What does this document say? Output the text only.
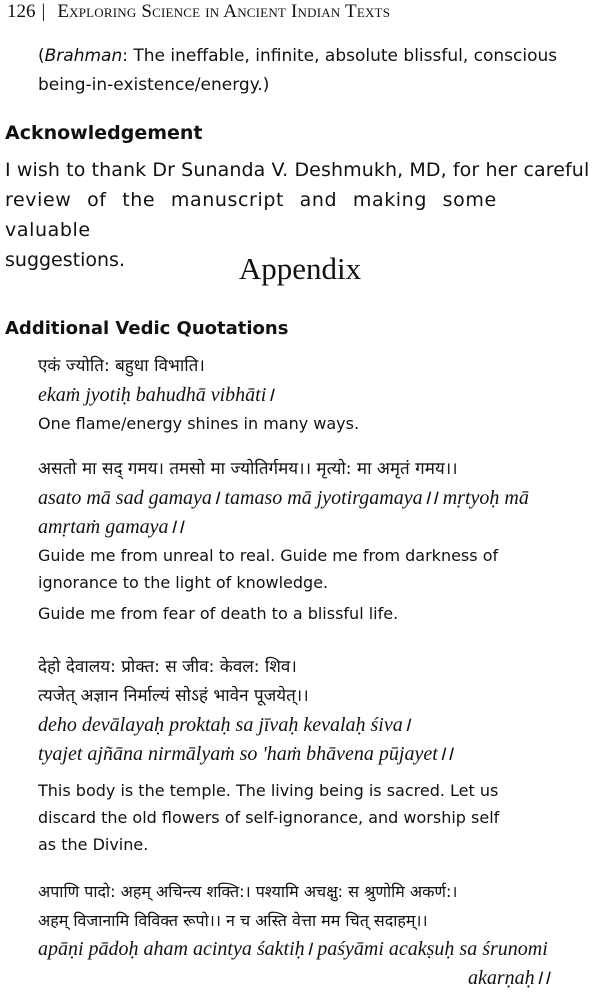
126 | Exploring Science in Ancient Indian Texts
(Brahman: The ineffable, infinite, absolute blissful, conscious
being-in-existence/energy.)
Acknowledgement
I wish to thank Dr Sunanda V. Deshmukh, MD, for her careful
review of the manuscript and making some valuable
suggestions.	Appendix
Additional Vedic Quotations
एकं ज्योति: बहुधा विभाति।
ekaṁ jyotiḥ bahudhā vibhāti।
One flame/energy shines in many ways.
असतो मा सद् गमय। तमसो मा ज्योतिर्गमय।। मृत्यो: मा अमृतं गमय।।
asato mā sad gamaya। tamaso mā jyotirgamaya।। mṛtyoḥ mā
amṛtaṁ gamaya।।
Guide me from unreal to real. Guide me from darkness of
ignorance to the light of knowledge.
Guide me from fear of death to a blissful life.
देहो देवालय: प्रोक्त: स जीव: केवल: शिव।
त्यजेत् अज्ञान निर्माल्यं सोऽहं भावेन पूजयेत्।।
deho devālayaḥ proktaḥ sa jīvaḥ kevalaḥ śiva।
tyajet ajñāna nirmālyaṁ so 'haṁ bhāvena pūjayet।।
This body is the temple. The living being is sacred. Let us
discard the old flowers of self-ignorance, and worship self
as the Divine.
अपाणि पादो: अहम् अचिन्त्य शक्ति:। पश्यामि अचक्षु: स श्रुणोमि अकर्ण:।
अहम् विजानामि विविक्त रूपो।। न च अस्ति वेत्ता मम चित् सदाहम्।।
apāṇi pādoḥ aham acintya śaktiḥ। paśyāmi acakṣuḥ sa śrunomi
akarṇaḥ।।
